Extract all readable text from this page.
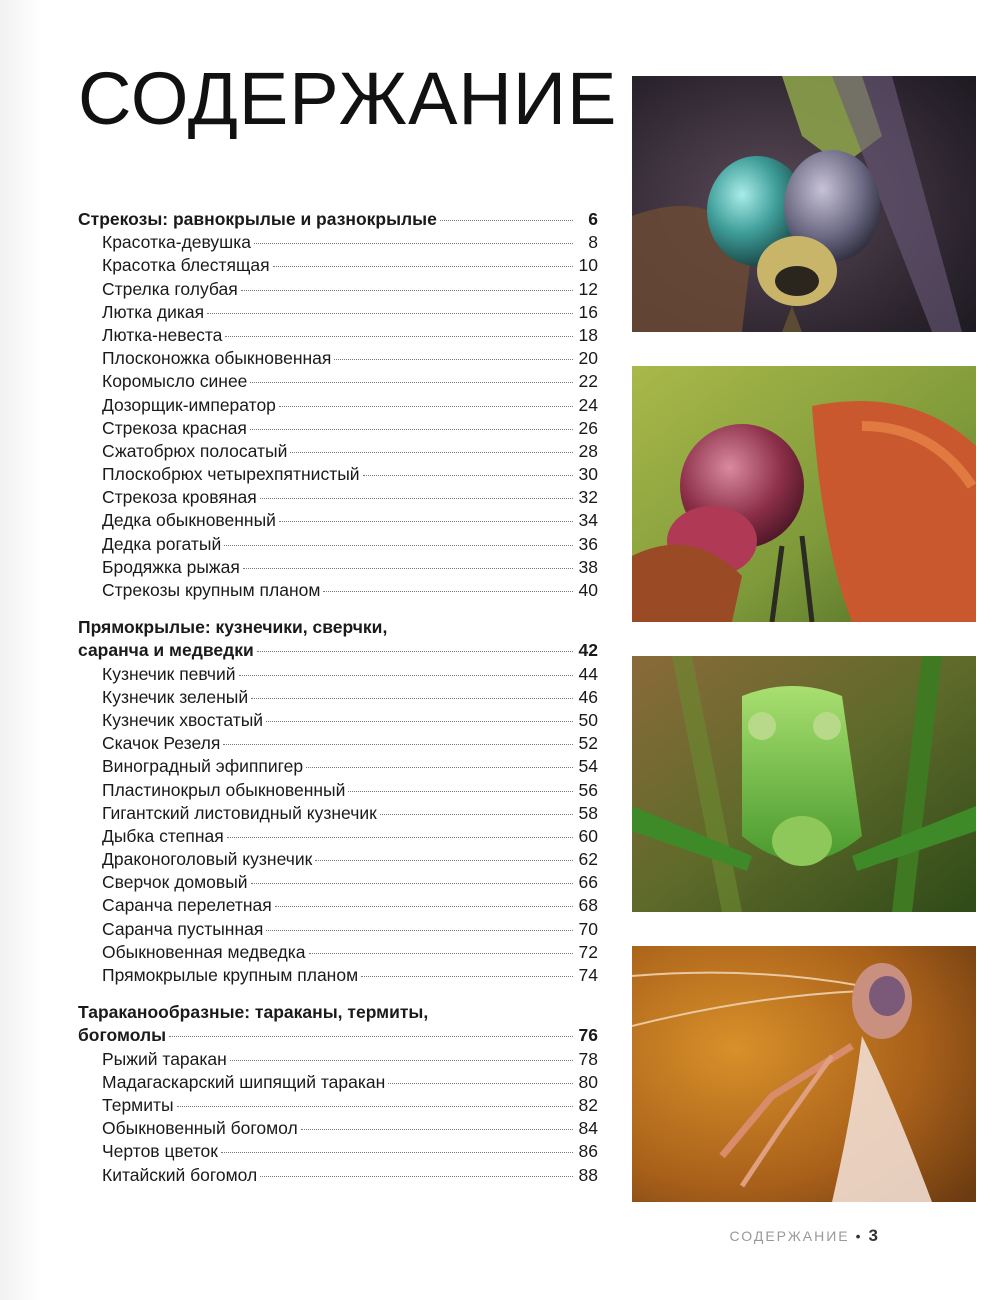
СОДЕРЖАНИЕ
Стрекозы: равнокрылые и разнокрылые	6
Красотка-девушка	8
Красотка блестящая	10
Стрелка голубая	12
Лютка дикая	16
Лютка-невеста	18
Плосконожка обыкновенная	20
Коромысло синее	22
Дозорщик-император	24
Стрекоза красная	26
Сжатобрюх полосатый	28
Плоскобрюх четырехпятнистый	30
Стрекоза кровяная	32
Дедка обыкновенный	34
Дедка рогатый	36
Бродяжка рыжая	38
Стрекозы крупным планом	40
Прямокрылые: кузнечики, сверчки,
саранча и медведки	42
Кузнечик певчий	44
Кузнечик зеленый	46
Кузнечик хвостатый	50
Скачок Резеля	52
Виноградный эфиппигер	54
Пластинокрыл обыкновенный	56
Гигантский листовидный кузнечик	58
Дыбка степная	60
Драконоголовый кузнечик	62
Сверчок домовый	66
Саранча перелетная	68
Саранча пустынная	70
Обыкновенная медведка	72
Прямокрылые крупным планом	74
Тараканообразные: тараканы, термиты,
богомолы	76
Рыжий таракан	78
Мадагаскарский шипящий таракан	80
Термиты	82
Обыкновенный богомол	84
Чертов цветок	86
Китайский богомол	88
СОДЕРЖАНИЕ • 3
